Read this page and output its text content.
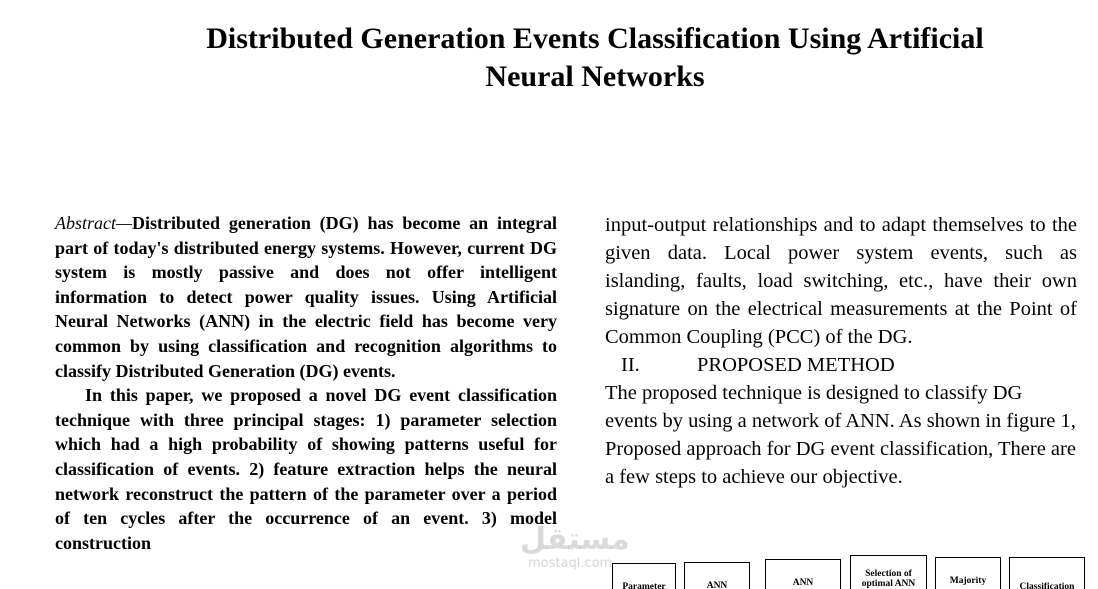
Distributed Generation Events Classification Using Artificial
Neural Networks

Abstract—Distributed generation (DG) has become an integral part of today's distributed energy systems. However, current DG system is mostly passive and does not offer intelligent information to detect power quality issues. Using Artificial Neural Networks (ANN) in the electric field has become very common by using classification and recognition algorithms to classify Distributed Generation (DG) events.

In this paper, we proposed a novel DG event classification technique with three principal stages: 1) parameter selection which had a high probability of showing patterns useful for classification of events. 2) feature extraction helps the neural network reconstruct the pattern of the parameter over a period of ten cycles after the occurrence of an event. 3) model construction

input-output relationships and to adapt themselves to the given data. Local power system events, such as islanding, faults, load switching, etc., have their own signature on the electrical measurements at the Point of Common Coupling (PCC) of the DG.

II.	PROPOSED METHOD

The proposed technique is designed to classify DG events by using a network of ANN. As shown in figure 1, Proposed approach for DG event classification, There are a few steps to achieve our objective.

Parameter	ANN	ANN
Selection of optimal ANN	Majority
Classification
مستقل
mostaql.com
